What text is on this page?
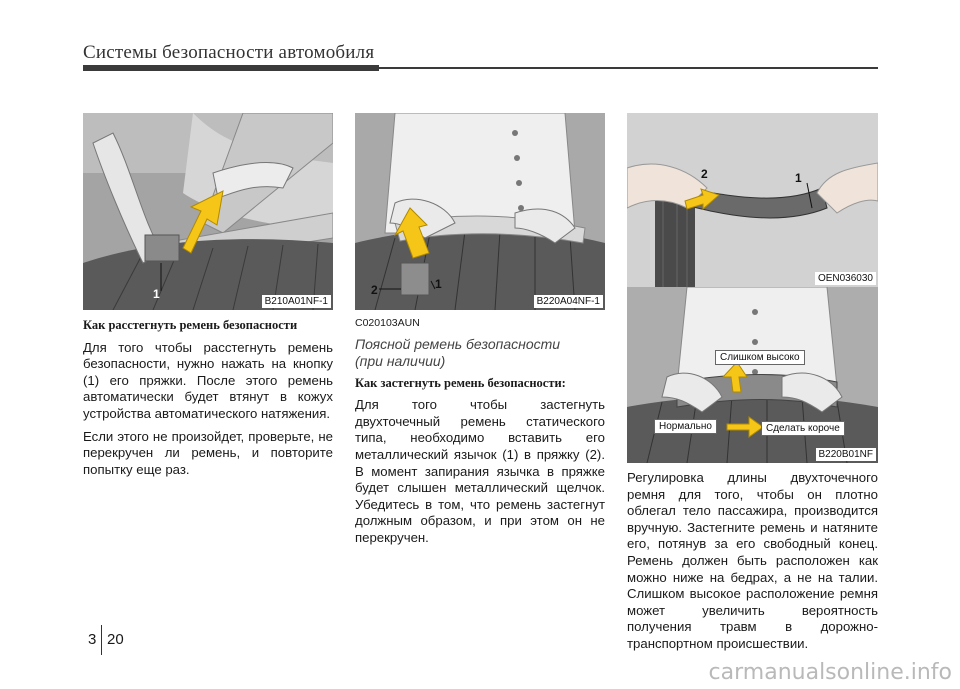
Системы безопасности автомобиля
1
B210A01NF-1
2	1
B220A04NF-1
2	1
OEN036030
Слишком высоко
Нормально	Сделать короче
B220B01NF
Как расстегнуть ремень безопасности

Для того чтобы расстегнуть ремень безопасности, нужно нажать на кнопку (1) его пряжки. После этого ремень автоматически будет втянут в кожух устройства автоматического натяжения.

Если этого не произойдет, проверьте, не перекручен ли ремень, и повторите попытку еще раз.

C020103AUN
Поясной ремень безопасности
(при наличии)
Как застегнуть ремень безопасности:

Для того чтобы застегнуть двухточечный ремень статического типа, необходимо вставить его металлический язычок (1) в пряжку (2). В момент запирания язычка в пряжке будет слышен металлический щелчок. Убедитесь в том, что ремень застегнут должным образом, и при этом он не перекручен.

Регулировка длины двухточечного ремня для того, чтобы он плотно облегал тело пассажира, производится вручную. Застегните ремень и натяните его, потянув за его свободный конец. Ремень должен быть расположен как можно ниже на бедрах, а не на талии. Слишком высокое расположение ремня может увеличить вероятность получения травм в дорожно-транспортном происшествии.

3 20
carmanualsonline.info
